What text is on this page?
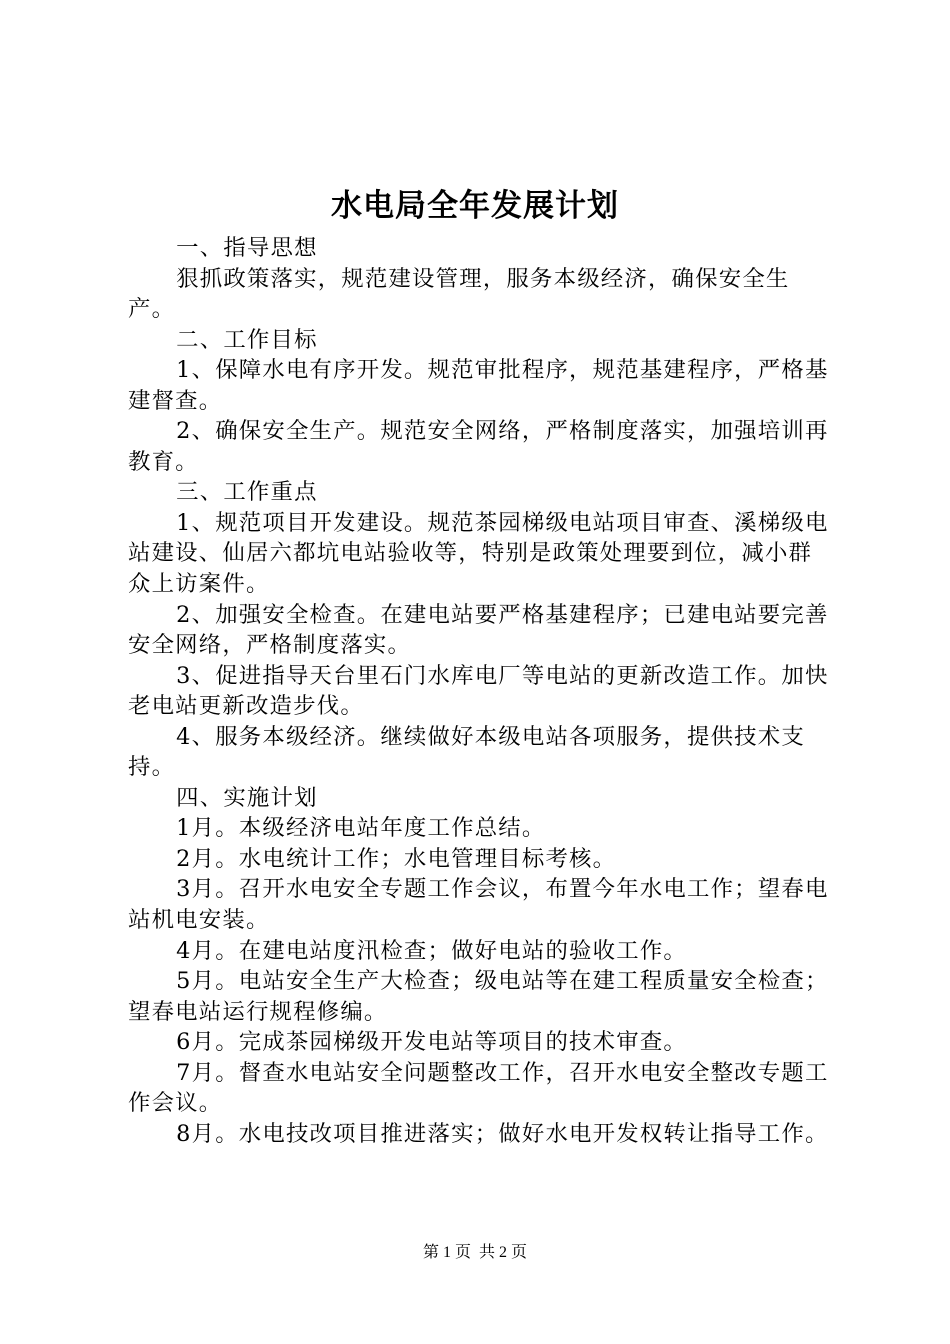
水电局全年发展计划

一、指导思想

狠抓政策落实，规范建设管理，服务本级经济，确保安全生产。

二、工作目标

1、保障水电有序开发。规范审批程序，规范基建程序，严格基建督查。

2、确保安全生产。规范安全网络，严格制度落实，加强培训再教育。

三、工作重点

1、规范项目开发建设。规范茶园梯级电站项目审查、溪梯级电站建设、仙居六都坑电站验收等，特别是政策处理要到位，减小群众上访案件。

2、加强安全检查。在建电站要严格基建程序；已建电站要完善安全网络，严格制度落实。

3、促进指导天台里石门水库电厂等电站的更新改造工作。加快老电站更新改造步伐。

4、服务本级经济。继续做好本级电站各项服务，提供技术支持。

四、实施计划

1月。本级经济电站年度工作总结。

2月。水电统计工作；水电管理目标考核。

3月。召开水电安全专题工作会议，布置今年水电工作；望春电站机电安装。

4月。在建电站度汛检查；做好电站的验收工作。

5月。电站安全生产大检查；级电站等在建工程质量安全检查；望春电站运行规程修编。

6月。完成茶园梯级开发电站等项目的技术审查。

7月。督查水电站安全问题整改工作，召开水电安全整改专题工作会议。

8月。水电技改项目推进落实；做好水电开发权转让指导工作。

第 1 页  共 2 页
